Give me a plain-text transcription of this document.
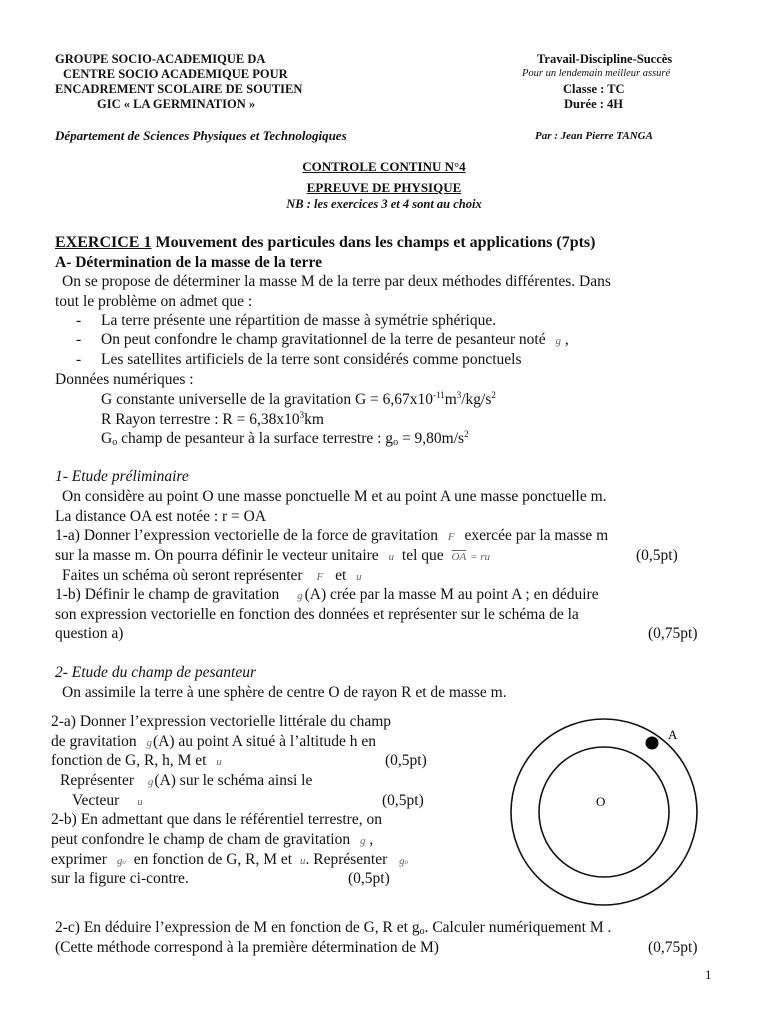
GROUPE SOCIO-ACADEMIQUE DA
CENTRE SOCIO ACADEMIQUE POUR
ENCADREMENT SCOLAIRE DE SOUTIEN
GIC « LA GERMINATION »
Travail-Discipline-Succès
Pour un lendemain meilleur assuré
Classe : TC
Durée : 4H
Département de Sciences Physiques et Technologiques	Par : Jean Pierre TANGA
CONTROLE CONTINU N°4
EPREUVE DE PHYSIQUE
NB : les exercices 3 et 4 sont au choix
EXERCICE 1 Mouvement des particules dans les champs et applications (7pts)
A- Détermination de la masse de la terre
On se propose de déterminer la masse M de la terre par deux méthodes différentes. Dans
tout le problème on admet que :
- La terre présente une répartition de masse à symétrie sphérique.
- On peut confondre le champ gravitationnel de la terre de pesanteur noté g ,
- Les satellites artificiels de la terre sont considérés comme ponctuels
Données numériques :
G constante universelle de la gravitation $G = 6,67x10^{-11}m^3/kg/s^2$
R Rayon terrestre : $R = 6,38x10^3km$
$G_o$ champ de pesanteur à la surface terrestre : $g_o = 9,80m/s^2$
1- Etude préliminaire
On considère au point O une masse ponctuelle M et au point A une masse ponctuelle m.
La distance OA est notée : r = OA
1-a) Donner l’expression vectorielle de la force de gravitation F exercée par la masse m
sur la masse m. On pourra définir le vecteur unitaire u tel que $\overline{OA}$ = ru	(0,5pt)
Faites un schéma où seront représenter F et u
1-b) Définir le champ de gravitation g (A) crée par la masse M au point A ; en déduire
son expression vectorielle en fonction des données et représenter sur le schéma de la
question a)	(0,75pt)
2- Etude du champ de pesanteur
On assimile la terre à une sphère de centre O de rayon R et de masse m.
2-a) Donner l’expression vectorielle littérale du champ
de gravitation g(A) au point A situé à l’altitude h en
fonction de G, R, h, M et u	(0,5pt)
Représenter g(A) sur le schéma ainsi le
Vecteur u	(0,5pt)
2-b) En admettant que dans le référentiel terrestre, on
peut confondre le champ de cham de gravitation g ,
exprimer go en fonction de G, R, M et u. Représenter go
sur la figure ci-contre.	(0,5pt)
A
O
2-c) En déduire l’expression de M en fonction de G, R et $g_o$. Calculer numériquement M .
(Cette méthode correspond à la première détermination de M)	(0,75pt)
1
